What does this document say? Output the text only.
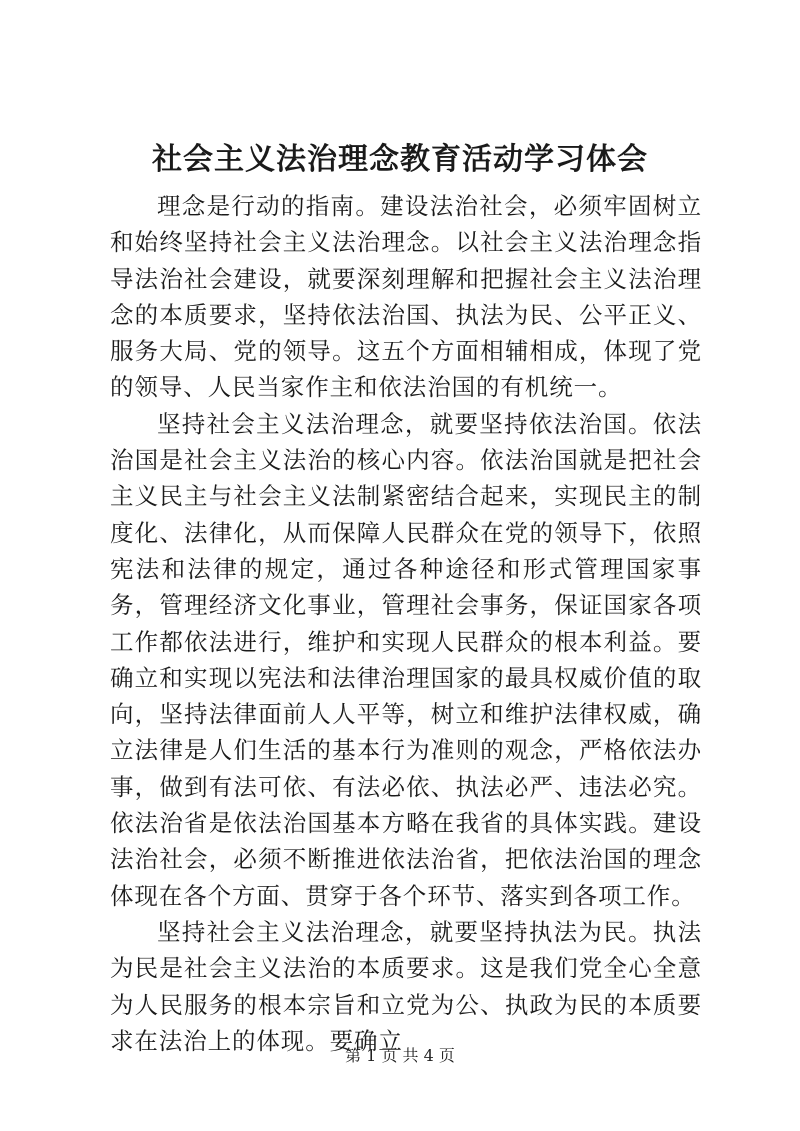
社会主义法治理念教育活动学习体会

理念是行动的指南。建设法治社会，必须牢固树立和始终坚持社会主义法治理念。以社会主义法治理念指导法治社会建设，就要深刻理解和把握社会主义法治理念的本质要求，坚持依法治国、执法为民、公平正义、服务大局、党的领导。这五个方面相辅相成，体现了党的领导、人民当家作主和依法治国的有机统一。

坚持社会主义法治理念，就要坚持依法治国。依法治国是社会主义法治的核心内容。依法治国就是把社会主义民主与社会主义法制紧密结合起来，实现民主的制度化、法律化，从而保障人民群众在党的领导下，依照宪法和法律的规定，通过各种途径和形式管理国家事务，管理经济文化事业，管理社会事务，保证国家各项工作都依法进行，维护和实现人民群众的根本利益。要确立和实现以宪法和法律治理国家的最具权威价值的取向，坚持法律面前人人平等，树立和维护法律权威，确立法律是人们生活的基本行为准则的观念，严格依法办事，做到有法可依、有法必依、执法必严、违法必究。依法治省是依法治国基本方略在我省的具体实践。建设法治社会，必须不断推进依法治省，把依法治国的理念体现在各个方面、贯穿于各个环节、落实到各项工作。

坚持社会主义法治理念，就要坚持执法为民。执法为民是社会主义法治的本质要求。这是我们党全心全意为人民服务的根本宗旨和立党为公、执政为民的本质要求在法治上的体现。要确立

第 1 页 共 4 页
